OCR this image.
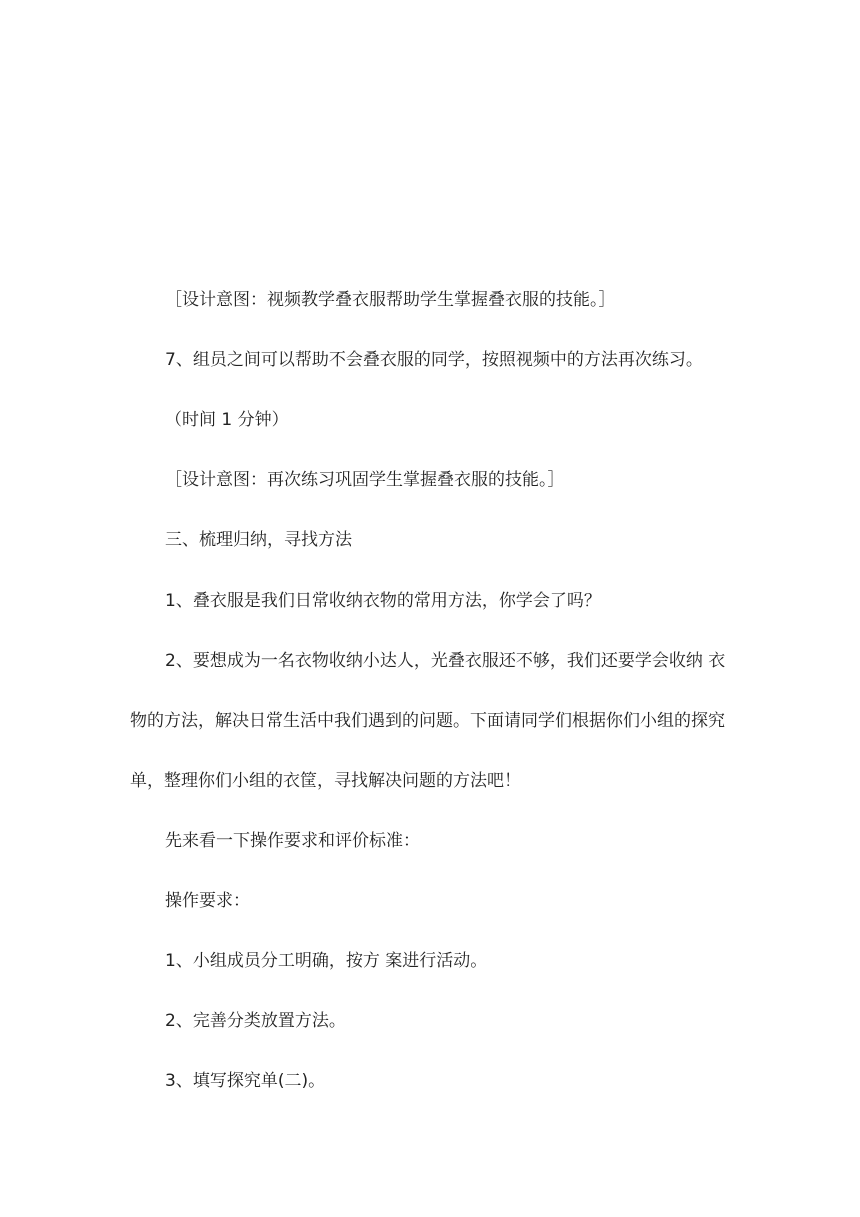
［设计意图：视频教学叠衣服帮助学生掌握叠衣服的技能。］
7、组员之间可以帮助不会叠衣服的同学，按照视频中的方法再次练习。
（时间 1 分钟）
［设计意图：再次练习巩固学生掌握叠衣服的技能。］
三、梳理归纳，寻找方法
1、叠衣服是我们日常收纳衣物的常用方法，你学会了吗？
2、要想成为一名衣物收纳小达人，光叠衣服还不够，我们还要学会收纳 衣
物的方法，解决日常生活中我们遇到的问题。下面请同学们根据你们小组的探究
单，整理你们小组的衣筐，寻找解决问题的方法吧！
先来看一下操作要求和评价标准：
操作要求：
1、小组成员分工明确，按方 案进行活动。
2、完善分类放置方法。
3、填写探究单(二)。
